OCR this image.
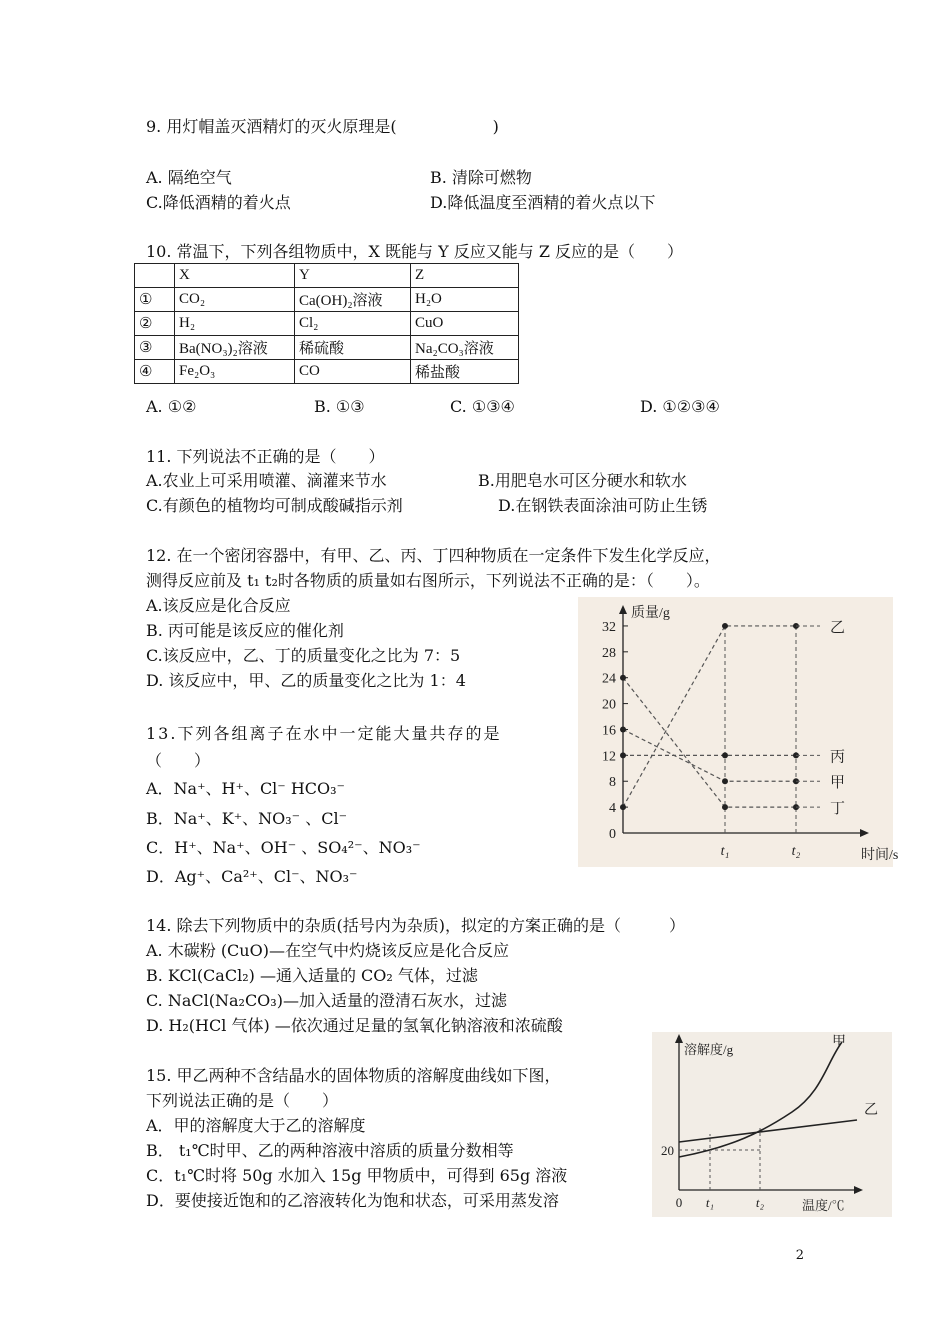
9. 用灯帽盖灭酒精灯的灭火原理是(　　　　　　)
A. 隔绝空气	B. 清除可燃物
C.降低酒精的着火点	D.降低温度至酒精的着火点以下
10. 常温下，下列各组物质中，X 既能与 Y 反应又能与 Z 反应的是（　　）
	X	Y	Z
①	CO₂	Ca(OH)₂溶液	H₂O
②	H₂	Cl₂	CuO
③	Ba(NO₃)₂溶液	稀硫酸	Na₂CO₃溶液
④	Fe₂O₃	CO	稀盐酸
A. ①②	B. ①③	C. ①③④	D. ①②③④
11. 下列说法不正确的是（　　）
A.农业上可采用喷灌、滴灌来节水	B.用肥皂水可区分硬水和软水
C.有颜色的植物均可制成酸碱指示剂	D.在钢铁表面涂油可防止生锈
12. 在一个密闭容器中，有甲、乙、丙、丁四种物质在一定条件下发生化学反应，
测得反应前及 t₁ t₂时各物质的质量如右图所示，下列说法不正确的是：（　　）。
A.该反应是化合反应
B. 丙可能是该反应的催化剂
C.该反应中，乙、丁的质量变化之比为 7：5
D. 该反应中，甲、乙的质量变化之比为 1：4
0
4
8
12
16
20
24
28
32
t₁	t₂	时间/s
质量/g
乙
丙
甲
丁
13.下列各组离子在水中一定能大量共存的是
（　　）
A．Na⁺、H⁺、Cl⁻ HCO₃⁻
B．Na⁺、K⁺、NO₃⁻ 、Cl⁻
C．H⁺、Na⁺、OH⁻ 、SO₄²⁻、NO₃⁻
D．Ag⁺、Ca²⁺、Cl⁻、NO₃⁻
14. 除去下列物质中的杂质(括号内为杂质)，拟定的方案正确的是（　　　）
A. 木碳粉 (CuO)—在空气中灼烧该反应是化合反应
B. KCl(CaCl₂) —通入适量的 CO₂ 气体，过滤
C. NaCl(Na₂CO₃)—加入适量的澄清石灰水，过滤
D. H₂(HCl 气体) —依次通过足量的氢氧化钠溶液和浓硫酸
15. 甲乙两种不含结晶水的固体物质的溶解度曲线如下图，
下列说法正确的是（　　）
A．甲的溶解度大于乙的溶解度
B． t₁℃时甲、乙的两种溶液中溶质的质量分数相等
C．t₁℃时将 50g 水加入 15g 甲物质中，可得到 65g 溶液
D．要使接近饱和的乙溶液转化为饱和状态，可采用蒸发溶
溶解度/g
温度/℃
20
0 t₁	t₂
甲
乙
2
